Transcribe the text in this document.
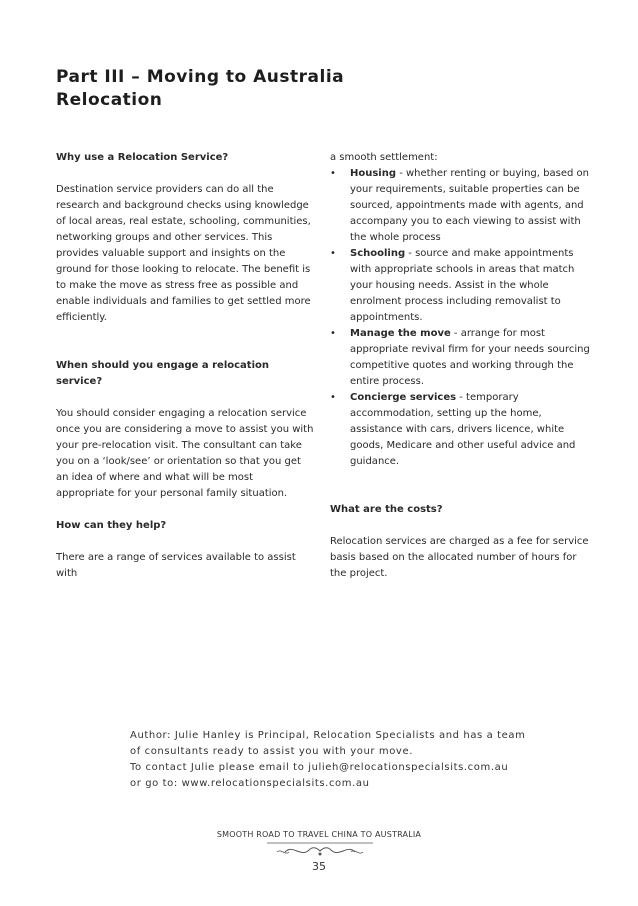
Part III – Moving to Australia
Relocation

Why use a Relocation Service?

Destination service providers can do all the research and background checks using knowledge of local areas, real estate, schooling, communities, networking groups and other services. This provides valuable support and insights on the ground for those looking to relocate. The benefit is to make the move as stress free as possible and enable individuals and families to get settled more efficiently.

When should you engage a relocation service?

You should consider engaging a relocation service once you are considering a move to assist you with your pre-relocation visit. The consultant can take you on a ‘look/see’ or orientation so that you get an idea of where and what will be most appropriate for your personal family situation.

How can they help?

There are a range of services available to assist with

a smooth settlement:

• Housing - whether renting or buying, based on your requirements, suitable properties can be sourced, appointments made with agents, and accompany you to each viewing to assist with the whole process
• Schooling - source and make appointments with appropriate schools in areas that match your housing needs. Assist in the whole enrolment process including removalist to appointments.
• Manage the move - arrange for most appropriate revival firm for your needs sourcing competitive quotes and working through the entire process.
• Concierge services - temporary accommodation, setting up the home, assistance with cars, drivers licence, white goods, Medicare and other useful advice and guidance.

What are the costs?

Relocation services are charged as a fee for service basis based on the allocated number of hours for the project.

Author: Julie Hanley is Principal, Relocation Specialists and has a team
of consultants ready to assist you with your move.
To contact Julie please email to julieh@relocationspecialsits.com.au
or go to: www.relocationspecialsits.com.au
SMOOTH ROAD TO TRAVEL CHINA TO AUSTRALIA
35
